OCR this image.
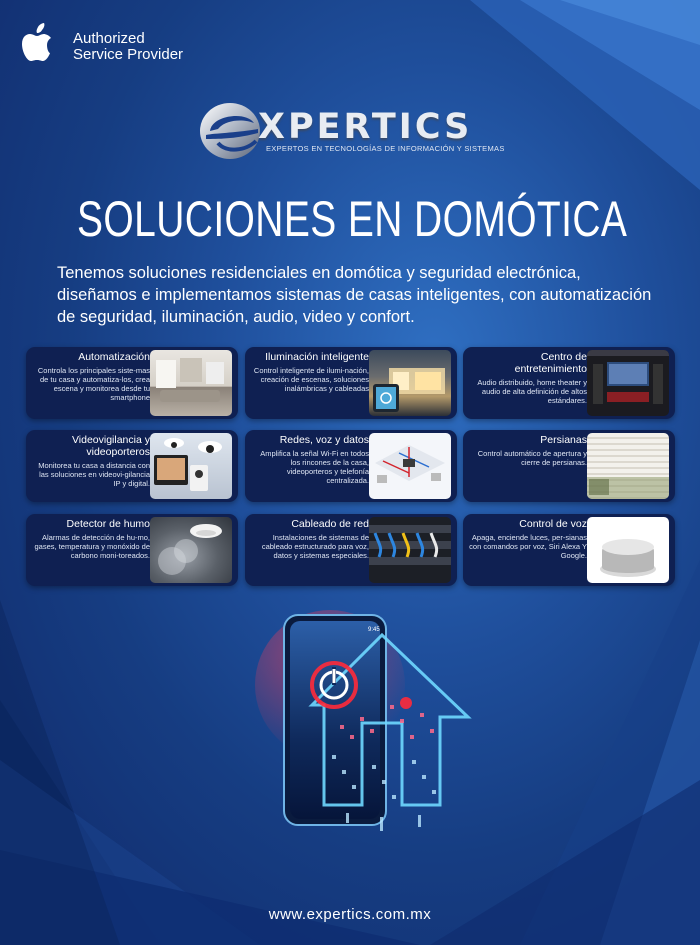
Authorized
Service Provider
XPERTICS
EXPERTOS EN TECNOLOGÍAS DE INFORMACIÓN Y SISTEMAS
SOLUCIONES EN DOMÓTICA
Tenemos soluciones residenciales en domótica y seguridad electrónica, diseñamos e implementamos sistemas de casas inteligentes, con automatización de seguridad, iluminación, audio, video y confort.
Automatización
Controla los principales siste-mas de tu casa y automatiza-los, crea escena y monitorea desde tu smartphone
Iluminación inteligente
Control inteligente de ilumi-nación, creación de escenas, soluciones inalámbricas y cableadas
Centro de entretenimiento
Audio distribuido, home theater y audio de alta definición de altos estándares.
Videovigilancia y videoporteros
Monitorea tu casa a distancia con las soluciones en videovi-gilancia IP y digital.
Redes, voz y datos
Amplifica la señal Wi-Fi en todos los rincones de la casa, videoporteros y telefonía centralizada.
Persianas
Control automático de apertura y cierre de persianas.
Detector de humo
Alarmas de detección de hu-mo, gases, temperatura y monóxido de carbono moni-toreados.
Cableado de red
Instalaciones de sistemas de cableado estructurado para voz, datos y sistemas especiales.
Control de voz
Apaga, enciende luces, per-sianas con comandos por voz, Siri Alexa Y Google.
9:45
www.expertics.com.mx
